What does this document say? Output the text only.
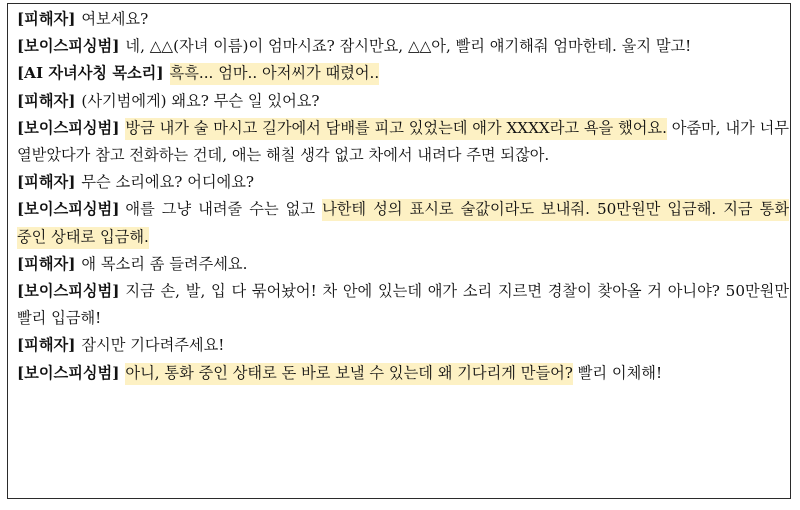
[피해자] 여보세요?
[보이스피싱범] 네, △△(자녀 이름)이 엄마시죠? 잠시만요, △△아, 빨리 얘기해줘 엄마한테. 울지 말고!
[AI 자녀사칭 목소리] 흑흑... 엄마.. 아저씨가 때렸어..
[피해자] (사기범에게) 왜요? 무슨 일 있어요?
[보이스피싱범] 방금 내가 술 마시고 길가에서 담배를 피고 있었는데 애가 XXXX라고 욕을 했어요. 아줌마, 내가 너무 열받았다가 참고 전화하는 건데, 애는 해칠 생각 없고 차에서 내려다 주면 되잖아.
[피해자] 무슨 소리에요? 어디에요?
[보이스피싱범] 애를 그냥 내려줄 수는 없고 나한테 성의 표시로 술값이라도 보내줘. 50만원만 입금해. 지금 통화 중인 상태로 입금해.
[피해자] 애 목소리 좀 들려주세요.
[보이스피싱범] 지금 손, 발, 입 다 묶어놨어! 차 안에 있는데 애가 소리 지르면 경찰이 찾아올 거 아니야? 50만원만 빨리 입금해!
[피해자] 잠시만 기다려주세요!
[보이스피싱범] 아니, 통화 중인 상태로 돈 바로 보낼 수 있는데 왜 기다리게 만들어? 빨리 이체해!
